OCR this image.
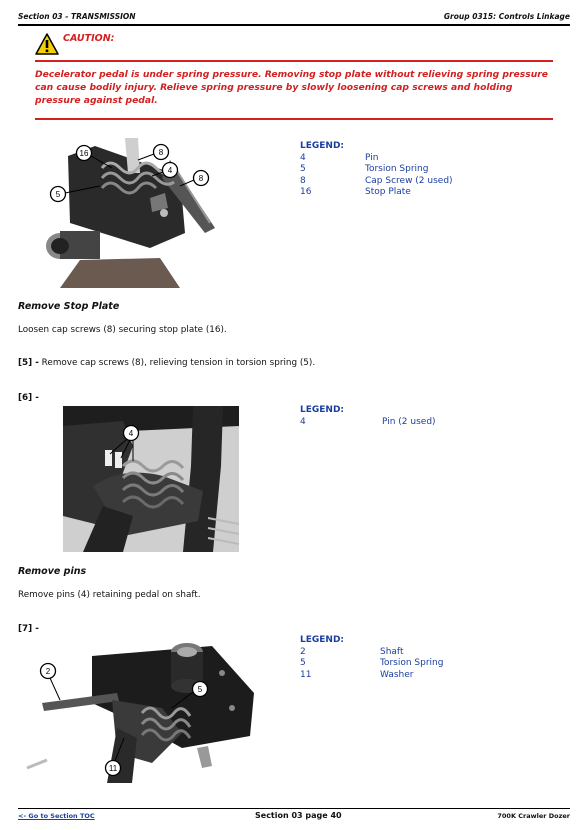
Section 03 - TRANSMISSION	Group 0315: Controls Linkage
CAUTION:
Decelerator pedal is under spring pressure. Removing stop plate without relieving spring pressure can cause bodily injury. Relieve spring pressure by slowly loosening cap screws and holding pressure against pedal.
16	8
4
8
5
LEGEND:
4	Pin
5	Torsion Spring
8	Cap Screw (2 used)
16	Stop Plate
Remove Stop Plate
Loosen cap screws (8) securing stop plate (16).
[5] - Remove cap screws (8), relieving tension in torsion spring (5).
[6] -
4
LEGEND:
4	Pin (2 used)
Remove pins
Remove pins (4) retaining pedal on shaft.
[7] -
2
5
11
LEGEND:
2	Shaft
5	Torsion Spring
11	Washer
<- Go to Section TOC	Section 03 page 40	700K Crawler Dozer
